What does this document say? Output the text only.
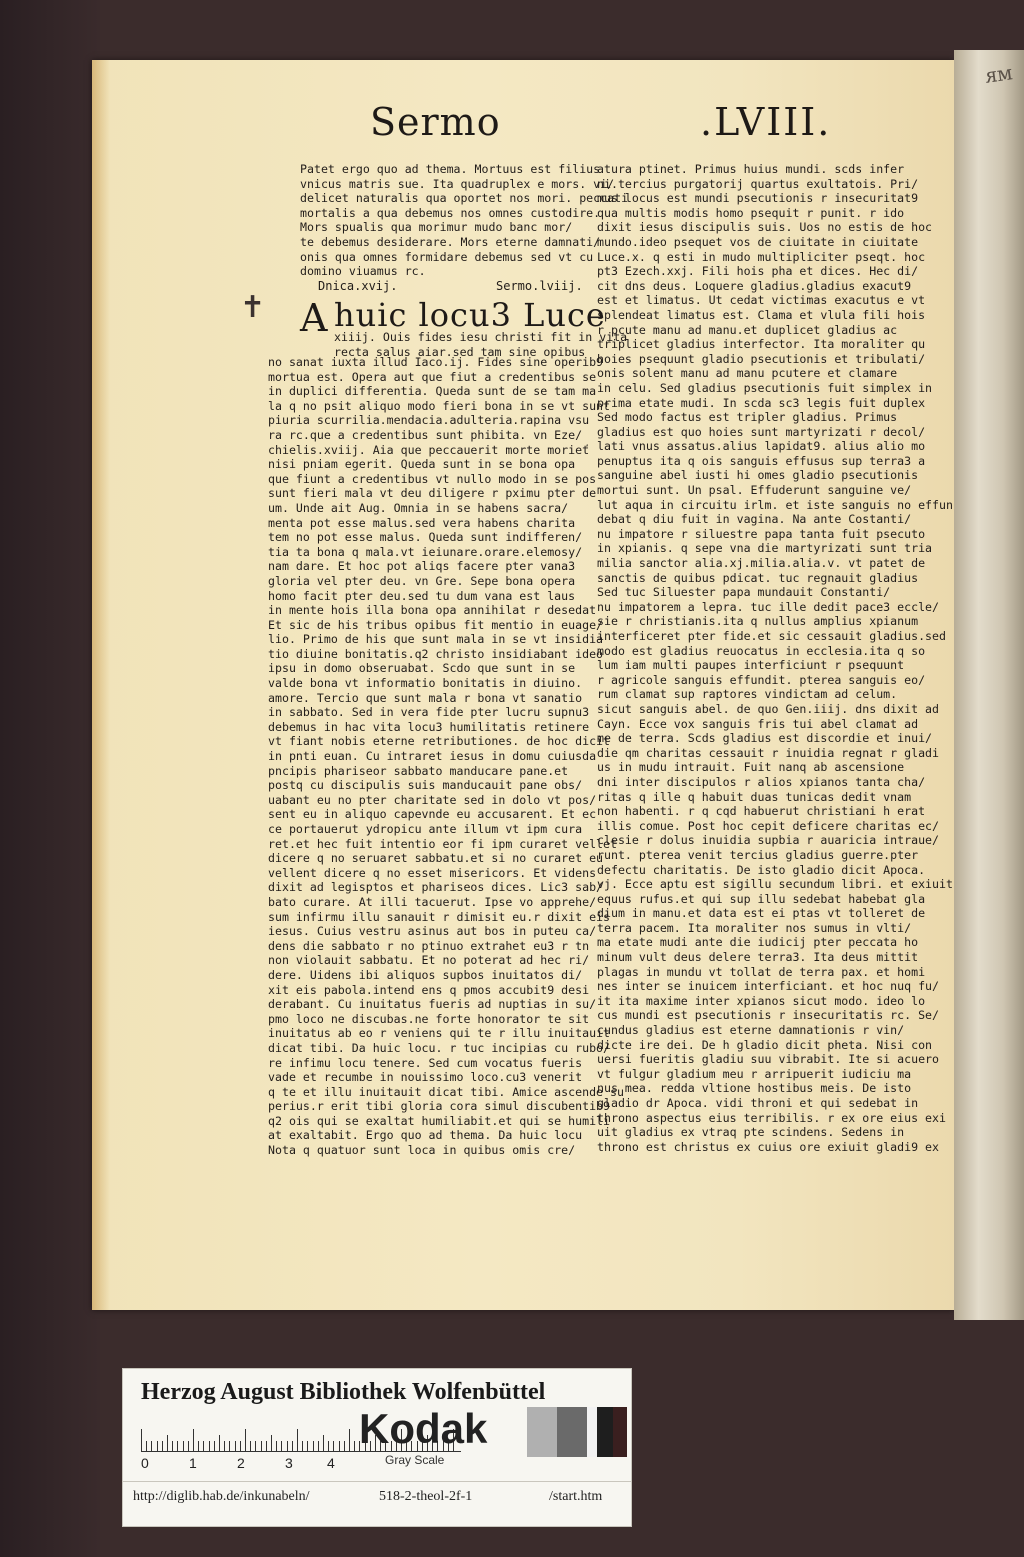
ᴙᴍ
Sermo	.LVIII.
Patet ergo quo ad thema. Mortuus est filius
vnicus matris sue. Ita quadruplex e mors. vi/
delicet naturalis qua oportet nos mori. peccati
mortalis a qua debemus nos omnes custodire.
Mors spualis qua morimur mudo banc mor/
te debemus desiderare. Mors eterne damnati/
onis qua omnes formidare debemus sed vt cu
domino viuamus rc.
Dnica.xvij.	Sermo.lviij.
✝ A huic locu3 Luce
xiiij. Ouis fides iesu christi fit in vita
recta salus aiar.sed tam sine opibus
no sanat iuxta illud Iaco.ij. Fides sine operib9
mortua est. Opera aut que fiut a credentibus se
in duplici differentia. Queda sunt de se tam ma
la q no psit aliquo modo fieri bona in se vt sunt
piuria scurrilia.mendacia.adulteria.rapina vsu
ra rc.que a credentibus sunt phibita. vn Eze/
chielis.xviij. Aia que peccauerit morte morieť
nisi pniam egerit. Queda sunt in se bona opa
que fiunt a credentibus vt nullo modo in se pos
sunt fieri mala vt deu diligere r pximu pter de
um. Unde ait Aug. Omnia in se habens sacra/
menta pot esse malus.sed vera habens charita
tem no pot esse malus. Queda sunt indifferen/
tia ta bona q mala.vt ieiunare.orare.elemosy/
nam dare. Et hoc pot aliqs facere pter vana3
gloria vel pter deu. vn Gre. Sepe bona opera
homo facit pter deu.sed tu dum vana est laus
in mente hois illa bona opa annihilat r desedat
Et sic de his tribus opibus fit mentio in euage/
lio. Primo de his que sunt mala in se vt insidia
tio diuine bonitatis.q2 christo insidiabant ideo
ipsu in domo obseruabat. Scdo que sunt in se
valde bona vt informatio bonitatis in diuino.
amore. Tercio que sunt mala r bona vt sanatio
in sabbato. Sed in vera fide pter lucru supnu3
debemus in hac vita locu3 humilitatis retinere
vt fiant nobis eterne retributiones. de hoc dicit
in pnti euan. Cu intraret iesus in domu cuiusda
pncipis phariseor sabbato manducare pane.et
postq cu discipulis suis manducauit pane obs/
uabant eu no pter charitate sed in dolo vt pos/
sent eu in aliquo capevnde eu accusarent. Et ec
ce portauerut ydropicu ante illum vt ipm cura
ret.et hec fuit intentio eor fi ipm curaret vellet
dicere q no seruaret sabbatu.et si no curaret eu
vellent dicere q no esset misericors. Et videns
dixit ad legisptos et phariseos dices. Lic3 sab/
bato curare. At illi tacuerut. Ipse vo apprehe/
sum infirmu illu sanauit r dimisit eu.r dixit eis
iesus. Cuius vestru asinus aut bos in puteu ca/
dens die sabbato r no ptinuo extrahet eu3 r tn
non violauit sabbatu. Et no poterat ad hec ri/
dere. Uidens ibi aliquos supbos inuitatos di/
xit eis pabola.intend ens q pmos accubit9 desi
derabant. Cu inuitatus fueris ad nuptias in su/
pmo loco ne discubas.ne forte honorator te sit
inuitatus ab eo r veniens qui te r illu inuitauit
dicat tibi. Da huic locu. r tuc incipias cu rubo/
re infimu locu tenere. Sed cum vocatus fueris
vade et recumbe in nouissimo loco.cu3 venerit
q te et illu inuitauit dicat tibi. Amice ascende su
perius.r erit tibi gloria cora simul discubentib9
q2 ois qui se exaltat humiliabit.et qui se humili
at exaltabit. Ergo quo ad thema. Da huic locu
Nota q quatuor sunt loca in quibus omis cre/
atura ptinet. Primus huius mundi. scds infer
ni.tercius purgatorij quartus exultatois. Pri/
mus locus est mundi psecutionis r insecuritat9
qua multis modis homo psequit r punit. r ido
dixit iesus discipulis suis. Uos no estis de hoc
mundo.ideo psequet vos de ciuitate in ciuitate
Luce.x. q esti in mudo multipliciter pseqt. hoc
pt3 Ezech.xxj. Fili hois pha et dices. Hec di/
cit dns deus. Loquere gladius.gladius exacut9
est et limatus. Ut cedat victimas exacutus e vt
splendeat limatus est. Clama et vlula fili hois
r pcute manu ad manu.et duplicet gladius ac
triplicet gladius interfector. Ita moraliter qu
hoies psequunt gladio psecutionis et tribulati/
onis solent manu ad manu pcutere et clamare
in celu. Sed gladius psecutionis fuit simplex in
prima etate mudi. In scda sc3 legis fuit duplex
Sed modo factus est tripler gladius. Primus
gladius est quo hoies sunt martyrizati r decol/
lati vnus assatus.alius lapidat9. alius alio mo
penuptus ita q ois sanguis effusus sup terra3 a
sanguine abel iusti hi omes gladio psecutionis
mortui sunt. Un psal. Effuderunt sanguine ve/
lut aqua in circuitu irlm. et iste sanguis no effun
debat q diu fuit in vagina. Na ante Costanti/
nu impatore r siluestre papa tanta fuit psecuto
in xpianis. q sepe vna die martyrizati sunt tria
milia sanctor alia.xj.milia.alia.v. vt patet de
sanctis de quibus pdicat. tuc regnauit gladius
Sed tuc Siluester papa mundauit Constanti/
nu impatorem a lepra. tuc ille dedit pace3 eccle/
sie r christianis.ita q nullus amplius xpianum
interficeret pter fide.et sic cessauit gladius.sed
modo est gladius reuocatus in ecclesia.ita q so
lum iam multi paupes interficiunt r psequunt
r agricole sanguis effundit. pterea sanguis eo/
rum clamat sup raptores vindictam ad celum.
sicut sanguis abel. de quo Gen.iiij. dns dixit ad
Cayn. Ecce vox sanguis fris tui abel clamat ad
me de terra. Scds gladius est discordie et inui/
die qm charitas cessauit r inuidia regnat r gladi
us in mudu intrauit. Fuit nanq ab ascensione
dni inter discipulos r alios xpianos tanta cha/
ritas q ille q habuit duas tunicas dedit vnam
non habenti. r q cqd habuerut christiani h erat
illis comue. Post hoc cepit deficere charitas ec/
clesie r dolus inuidia supbia r auaricia intraue/
runt. pterea venit tercius gladius guerre.pter
defectu charitatis. De isto gladio dicit Apoca.
vj. Ecce aptu est sigillu secundum libri. et exiuit
equus rufus.et qui sup illu sedebat habebat gla
dium in manu.et data est ei ptas vt tolleret de
terra pacem. Ita moraliter nos sumus in vlti/
ma etate mudi ante die iudicij pter peccata ho
minum vult deus delere terra3. Ita deus mittit
plagas in mundu vt tollat de terra pax. et homi
nes inter se inuicem interficiant. et hoc nuq fu/
it ita maxime inter xpianos sicut modo. ideo lo
cus mundi est psecutionis r insecuritatis rc. Se/
cundus gladius est eterne damnationis r vin/
dicte ire dei. De h gladio dicit pheta. Nisi con
uersi fueritis gladiu suu vibrabit. Ite si acuero
vt fulgur gladium meu r arripuerit iudiciu ma
nus mea. redda vltione hostibus meis. De isto
gladio dr Apoca. vidi throni et qui sedebat in
throno aspectus eius terribilis. r ex ore eius exi
uit gladius ex vtraq pte scindens. Sedens in
throno est christus ex cuius ore exiuit gladi9 ex
Herzog August Bibliothek Wolfenbüttel
0	1	2	3 4
Kodak
Gray Scale
http://diglib.hab.de/inkunabeln/	518-2-theol-2f-1	/start.htm
